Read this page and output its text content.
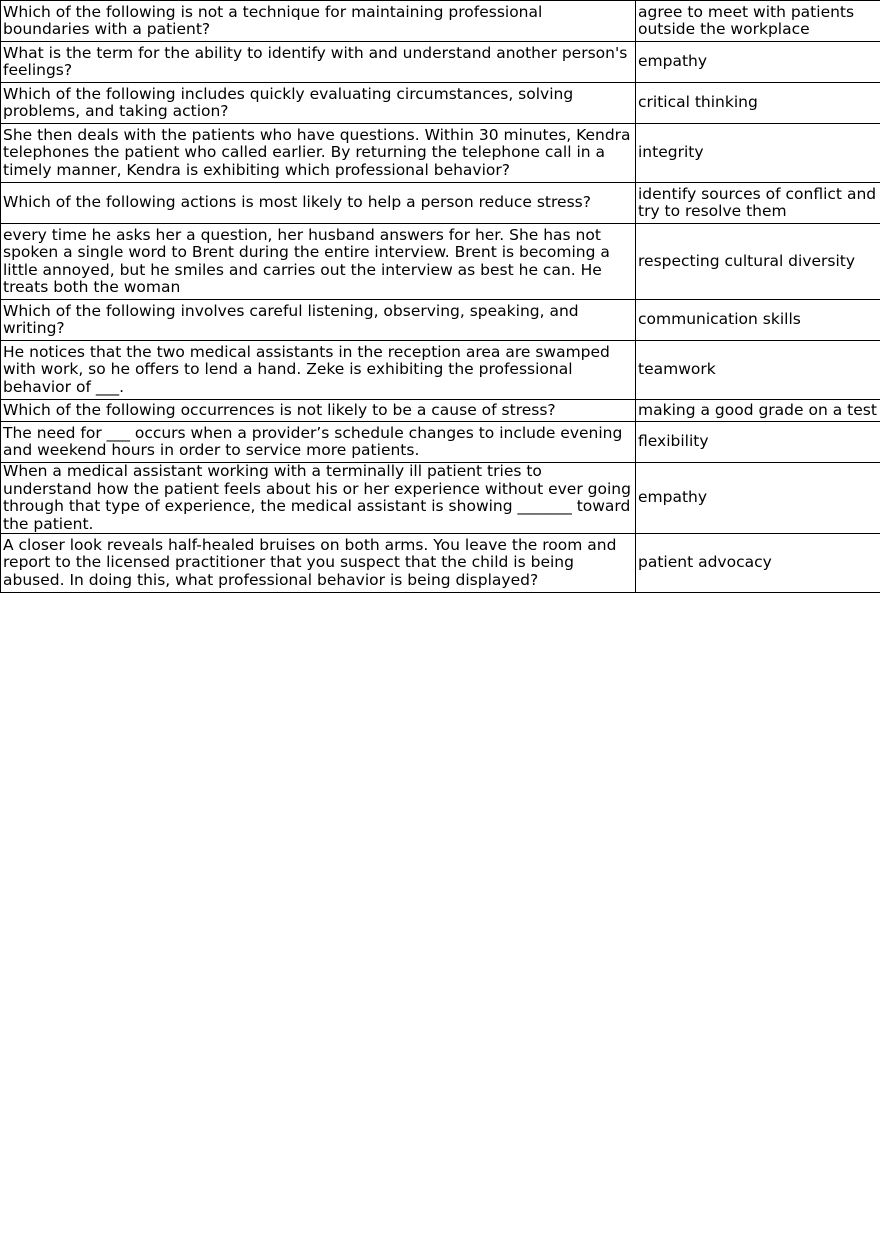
Which of the following is not a technique for maintaining professional boundaries with a patient?	agree to meet with patients outside the workplace
What is the term for the ability to identify with and understand another person's feelings?	empathy
Which of the following includes quickly evaluating circumstances, solving problems, and taking action?	critical thinking
She then deals with the patients who have questions. Within 30 minutes, Kendra telephones the patient who called earlier. By returning the telephone call in a timely manner, Kendra is exhibiting which professional behavior?	integrity
Which of the following actions is most likely to help a person reduce stress?	identify sources of conflict and try to resolve them
every time he asks her a question, her husband answers for her. She has not spoken a single word to Brent during the entire interview. Brent is becoming a little annoyed, but he smiles and carries out the interview as best he can. He treats both the woman	respecting cultural diversity
Which of the following involves careful listening, observing, speaking, and writing?	communication skills
He notices that the two medical assistants in the reception area are swamped with work, so he offers to lend a hand. Zeke is exhibiting the professional behavior of ___.	teamwork
Which of the following occurrences is not likely to be a cause of stress?	making a good grade on a test
The need for ___ occurs when a provider’s schedule changes to include evening and weekend hours in order to service more patients.	flexibility
When a medical assistant working with a terminally ill patient tries to understand how the patient feels about his or her experience without ever going through that type of experience, the medical assistant is showing _______ toward the patient.	empathy
A closer look reveals half-healed bruises on both arms. You leave the room and report to the licensed practitioner that you suspect that the child is being abused. In doing this, what professional behavior is being displayed?	patient advocacy
